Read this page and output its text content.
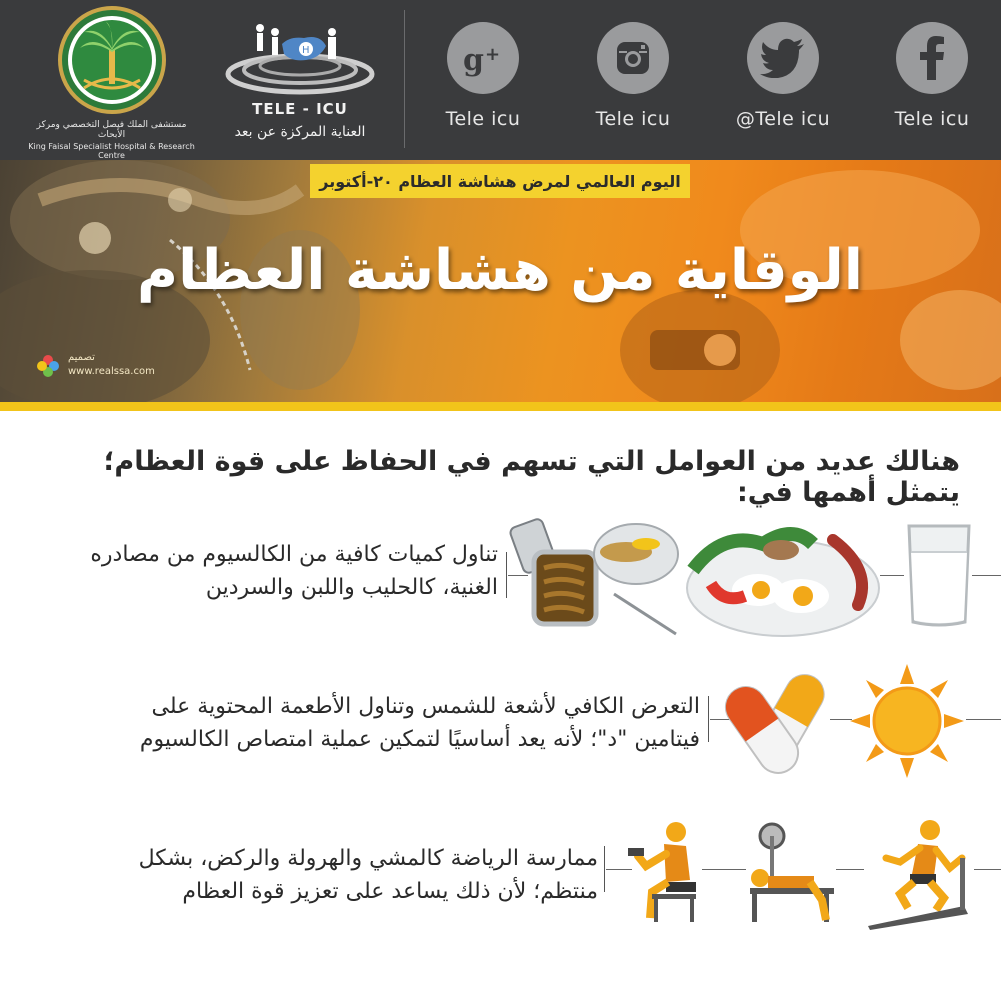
مستشفى الملك فيصل التخصصي ومركز الأبحاث
King Faisal Specialist Hospital & Research Centre
H
TELE - ICU
العناية المركزة عن بعد
g +
Tele icu	Tele icu	@Tele icu	Tele icu
اليوم العالمي لمرض هشاشة العظام ٢٠-أكتوبر
الوقاية من هشاشة العظام
تصميم
www.realssa.com
هنالك عديد من العوامل التي تسهم في الحفاظ على قوة العظام؛ يتمثل أهمها في:
تناول كميات كافية من الكالسيوم من مصادره
الغنية، كالحليب واللبن والسردين
التعرض الكافي لأشعة للشمس وتناول الأطعمة المحتوية على
فيتامين "د"؛ لأنه يعد أساسيًا لتمكين عملية امتصاص الكالسيوم
ممارسة الرياضة كالمشي والهرولة والركض، بشكل
منتظم؛ لأن ذلك يساعد على تعزيز قوة العظام
